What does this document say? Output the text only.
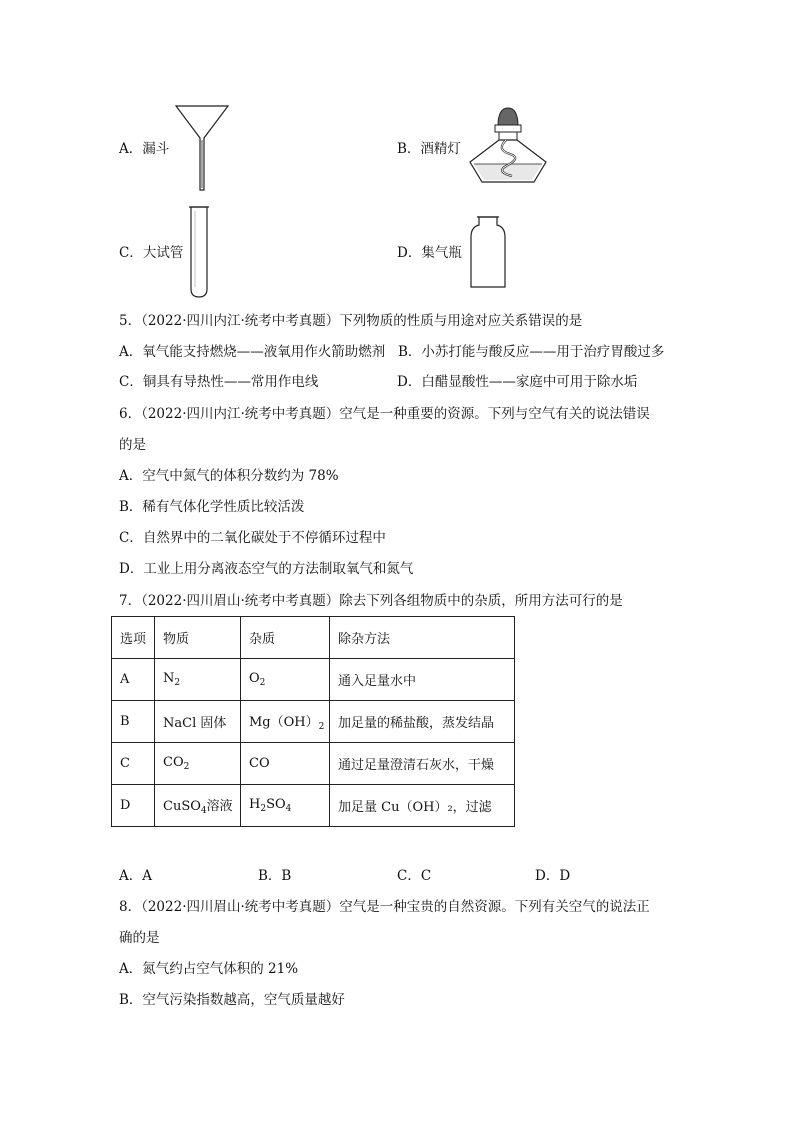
A．漏斗	B．酒精灯
C．大试管	D．集气瓶
5．（2022·四川内江·统考中考真题）下列物质的性质与用途对应关系错误的是
A．氧气能支持燃烧——液氧用作火箭助燃剂 B．小苏打能与酸反应——用于治疗胃酸过多
C．铜具有导热性——常用作电线	D．白醋显酸性——家庭中可用于除水垢
6．（2022·四川内江·统考中考真题）空气是一种重要的资源。下列与空气有关的说法错误
的是
A．空气中氮气的体积分数约为 78%
B．稀有气体化学性质比较活泼
C．自然界中的二氧化碳处于不停循环过程中
D．工业上用分离液态空气的方法制取氧气和氮气
7．（2022·四川眉山·统考中考真题）除去下列各组物质中的杂质，所用方法可行的是
选项	物质	杂质	除杂方法
A	$N_2$	$O_2$	通入足量水中
B	NaCl 固体	$Mg(OH)_2$	加足量的稀盐酸，蒸发结晶
C	$CO_2$	CO	通过足量澄清石灰水，干燥
D	CuSO$_4$溶液	$H_2SO_4$	加足量 Cu（OH）₂，过滤
A．A	B．B	C．C	D．D
8．（2022·四川眉山·统考中考真题）空气是一种宝贵的自然资源。下列有关空气的说法正
确的是
A．氮气约占空气体积的 21%
B．空气污染指数越高，空气质量越好
